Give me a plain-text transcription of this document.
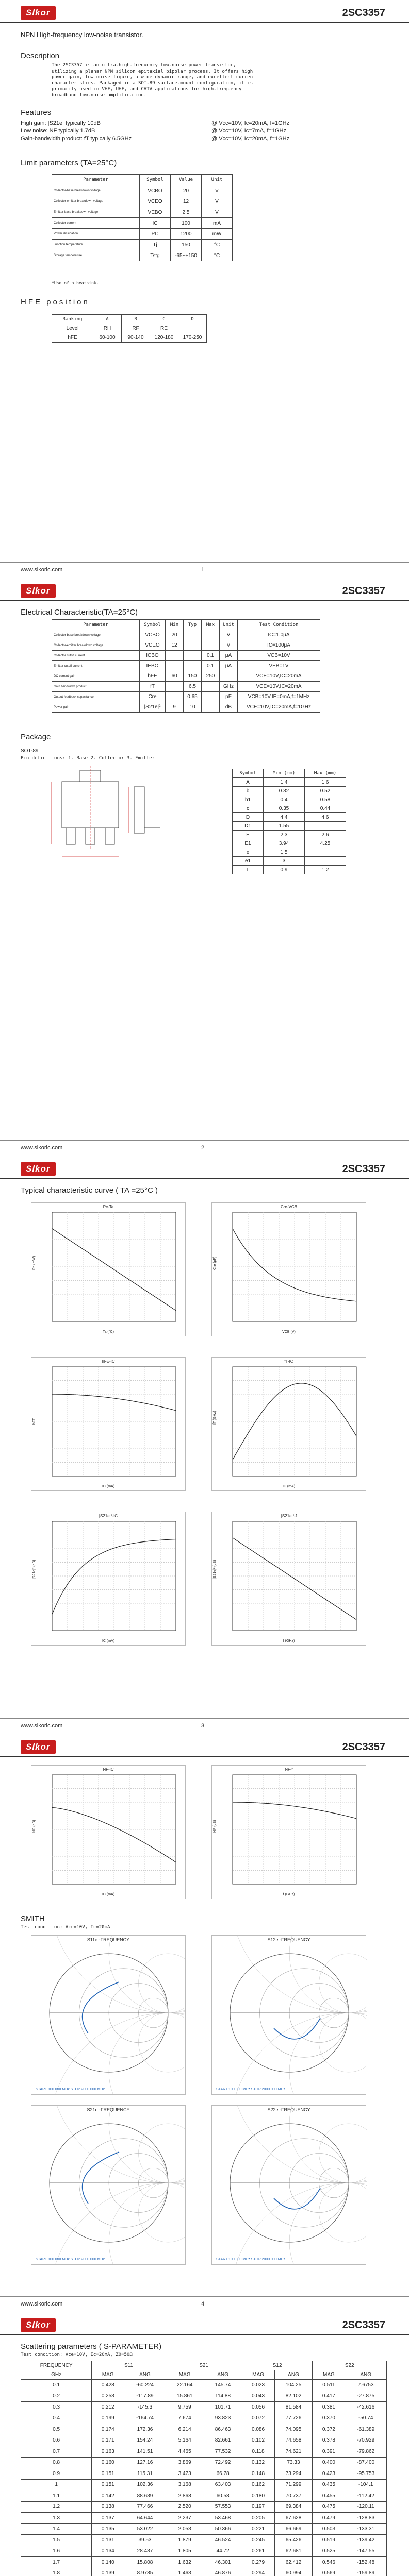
Slkor	2SC3357
NPN High-frequency low-noise transistor.
Description
The 2SC3357 is an ultra-high-frequency low-noise power transistor,
utilizing a planar NPN silicon epitaxial bipolar process. It offers high
power gain, low noise figure, a wide dynamic range, and excellent current
characteristics. Packaged in a SOT-89 surface-mount configuration, it is
primarily used in VHF, UHF, and CATV applications for high-frequency
broadband low-noise amplification.
Features
High gain: |S21e| typically 10dB	@ Vcc=10V, Ic=20mA, f=1GHz
Low noise: NF typically 1.7dB	@ Vcc=10V, Ic=7mA, f=1GHz
Gain-bandwidth product: fT typically 6.5GHz	@ Vcc=10V, Ic=20mA, f=1GHz
Limit parameters (TA=25°C)
Parameter	Symbol	Value	Unit
Collector-base breakdown voltage	VCBO	20	V
Collector-emitter breakdown voltage	VCEO	12	V
Emitter-base breakdown voltage	VEBO	2.5	V
Collector current	IC	100	mA
Power dissipation	PC	1200	mW
Junction temperature	Tj	150	°C
Storage temperature	Tstg	-65~+150	°C
*Use of a heatsink.
HFE position
Ranking	A	B	C	D
Level	RH	RF	RE	
hFE	60-100	90-140	120-180	170-250
www.slkoric.com	1
Slkor	2SC3357
Electrical Characteristic(TA=25°C)
Parameter	Symbol	Min	Typ	Max	Unit	Test Condition
Collector-base breakdown voltage	VCBO	20			V	IC=1.0μA
Collector-emitter breakdown voltage	VCEO	12			V	IC=100μA
Collector cutoff current	ICBO			0.1	μA	VCB=10V
Emitter cutoff current	IEBO			0.1	μA	VEB=1V
DC current gain	hFE	60	150	250		VCE=10V,IC=20mA
Gain bandwidth product	fT		6.5		GHz	VCE=10V,IC=20mA
Output feedback capacitance	Cre		0.65		pF	VCB=10V,IE=0mA,f=1MHz
Power gain	|S21e|²	9	10		dB	VCE=10V,IC=20mA,f=1GHz
Package
SOT-89
Pin definitions: 1. Base 2. Collector 3. Emitter
Symbol	Min (mm)	Max (mm)
A	1.4	1.6
b	0.32	0.52
b1	0.4	0.58
c	0.35	0.44
D	4.4	4.6
D1	1.55	
E	2.3	2.6
E1	3.94	4.25
e	1.5	
e1	3	
L	0.9	1.2
www.slkoric.com	2
Slkor	2SC3357
Typical characteristic curve ( TA =25°C )
Pc-Ta
Pc (mW)
Ta (°C)
Cre-VCB
Cre (pF)
VCB (V)
hFE-IC
hFE
IC (mA)
fT-IC
fT (GHz)
IC (mA)
|S21e|²-IC
|S21e|² (dB)
IC (mA)
|S21e|²-f
|S21e|² (dB)
f (GHz)
www.slkoric.com	3
Slkor	2SC3357
NF-IC
NF (dB)
IC (mA)
NF-f
NF (dB)
f (GHz)
SMITH
Test condition: Vcc=10V, Ic=20mA
S11e -FREQUENCY
START 100.000 MHz STOP 2000.000 MHz
S12e -FREQUENCY
START 100.000 MHz STOP 2000.000 MHz
S21e -FREQUENCY
START 100.000 MHz STOP 2000.000 MHz
S22e -FREQUENCY
START 100.000 MHz STOP 2000.000 MHz
www.slkoric.com	4
Slkor	2SC3357
Scattering parameters ( S-PARAMETER)
Test condition: Vce=10V, Ic=20mA, Z0=50Ω
FREQUENCY	S11		S21		S12		S22	
GHz	MAG	ANG	MAG	ANG	MAG	ANG	MAG	ANG
0.1	0.428	-60.224	22.164	145.74	0.023	104.25	0.511	7.6753
0.2	0.253	-117.89	15.861	114.88	0.043	82.102	0.417	-27.875
0.3	0.212	-145.3	9.759	101.71	0.056	81.584	0.381	-42.616
0.4	0.199	-164.74	7.674	93.823	0.072	77.726	0.370	-50.74
0.5	0.174	172.36	6.214	86.463	0.086	74.095	0.372	-61.389
0.6	0.171	154.24	5.164	82.661	0.102	74.658	0.378	-70.929
0.7	0.163	141.51	4.465	77.532	0.118	74.621	0.391	-79.862
0.8	0.160	127.16	3.869	72.492	0.132	73.33	0.400	-87.400
0.9	0.151	115.31	3.473	66.78	0.148	73.294	0.423	-95.753
1	0.151	102.36	3.168	63.403	0.162	71.299	0.435	-104.1
1.1	0.142	88.639	2.868	60.58	0.180	70.737	0.455	-112.42
1.2	0.138	77.466	2.520	57.553	0.197	69.384	0.475	-120.11
1.3	0.137	64.644	2.237	53.468	0.205	67.628	0.479	-128.83
1.4	0.135	53.022	2.053	50.366	0.221	66.669	0.503	-133.31
1.5	0.131	39.53	1.879	46.524	0.245	65.426	0.519	-139.42
1.6	0.134	28.437	1.805	44.72	0.261	62.681	0.525	-147.55
1.7	0.140	15.808	1.632	46.301	0.279	62.412	0.546	-152.48
1.8	0.139	8.9785	1.463	46.876	0.294	60.994	0.569	-159.89
